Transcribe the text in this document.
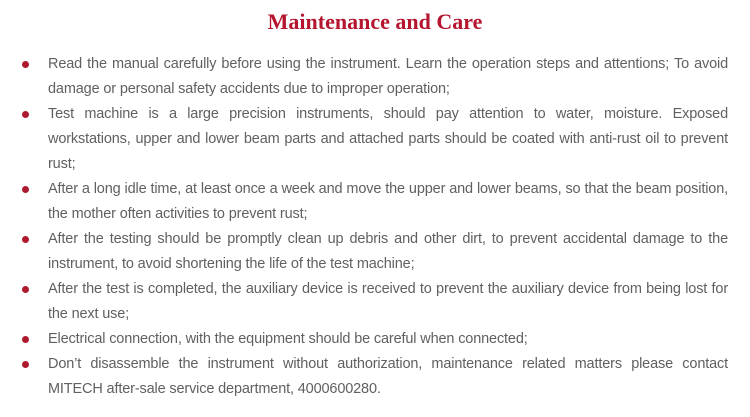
Maintenance and Care
Read the manual carefully before using the instrument. Learn the operation steps and attentions; To avoid damage or personal safety accidents due to improper operation;
Test machine is a large precision instruments, should pay attention to water, moisture. Exposed workstations, upper and lower beam parts and attached parts should be coated with anti-rust oil to prevent rust;
After a long idle time, at least once a week and move the upper and lower beams, so that the beam position, the mother often activities to prevent rust;
After the testing should be promptly clean up debris and other dirt, to prevent accidental damage to the instrument, to avoid shortening the life of the test machine;
After the test is completed, the auxiliary device is received to prevent the auxiliary device from being lost for the next use;
Electrical connection, with the equipment should be careful when connected;
Don’t disassemble the instrument without authorization, maintenance related matters please contact MITECH after-sale service department, 4000600280.
